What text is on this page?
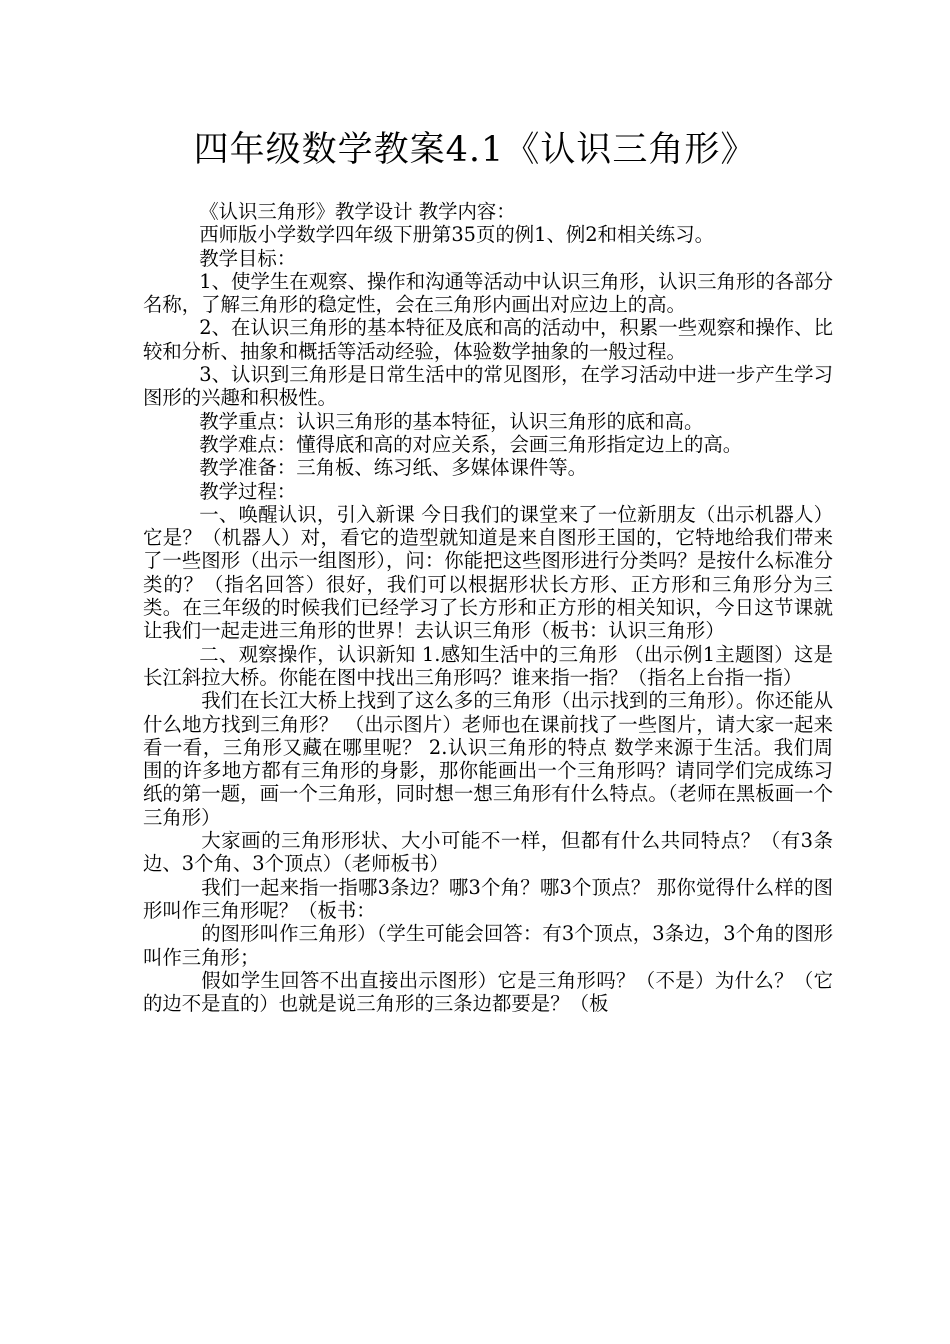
四年级数学教案4.1《认识三角形》

《认识三角形》教学设计 教学内容：

西师版小学数学四年级下册第35页的例1、例2和相关练习。

教学目标：

1、使学生在观察、操作和沟通等活动中认识三角形，认识三角形的各部分名称，了解三角形的稳定性，会在三角形内画出对应边上的高。

2、在认识三角形的基本特征及底和高的活动中，积累一些观察和操作、比较和分析、抽象和概括等活动经验，体验数学抽象的一般过程。

3、认识到三角形是日常生活中的常见图形，在学习活动中进一步产生学习图形的兴趣和积极性。

教学重点：认识三角形的基本特征，认识三角形的底和高。

教学难点：懂得底和高的对应关系，会画三角形指定边上的高。

教学准备：三角板、练习纸、多媒体课件等。

教学过程：

一、唤醒认识，引入新课 今日我们的课堂来了一位新朋友（出示机器人）它是？（机器人）对，看它的造型就知道是来自图形王国的，它特地给我们带来了一些图形（出示一组图形），问：你能把这些图形进行分类吗？是按什么标准分类的？（指名回答）很好，我们可以根据形状长方形、正方形和三角形分为三类。在三年级的时候我们已经学习了长方形和正方形的相关知识，今日这节课就让我们一起走进三角形的世界！去认识三角形（板书：认识三角形）

二、观察操作，认识新知 1.感知生活中的三角形 （出示例1主题图）这是长江斜拉大桥。你能在图中找出三角形吗？谁来指一指？（指名上台指一指）

我们在长江大桥上找到了这么多的三角形（出示找到的三角形）。你还能从什么地方找到三角形？ （出示图片）老师也在课前找了一些图片，请大家一起来看一看，三角形又藏在哪里呢？ 2.认识三角形的特点 数学来源于生活。我们周围的许多地方都有三角形的身影，那你能画出一个三角形吗？请同学们完成练习纸的第一题，画一个三角形，同时想一想三角形有什么特点。（老师在黑板画一个三角形）

大家画的三角形形状、大小可能不一样，但都有什么共同特点？（有3条边、3个角、3个顶点）（老师板书）

我们一起来指一指哪3条边？哪3个角？哪3个顶点？ 那你觉得什么样的图形叫作三角形呢？（板书：

的图形叫作三角形）（学生可能会回答：有3个顶点，3条边，3个角的图形叫作三角形；

假如学生回答不出直接出示图形）它是三角形吗？（不是）为什么？（它的边不是直的）也就是说三角形的三条边都要是？（板
